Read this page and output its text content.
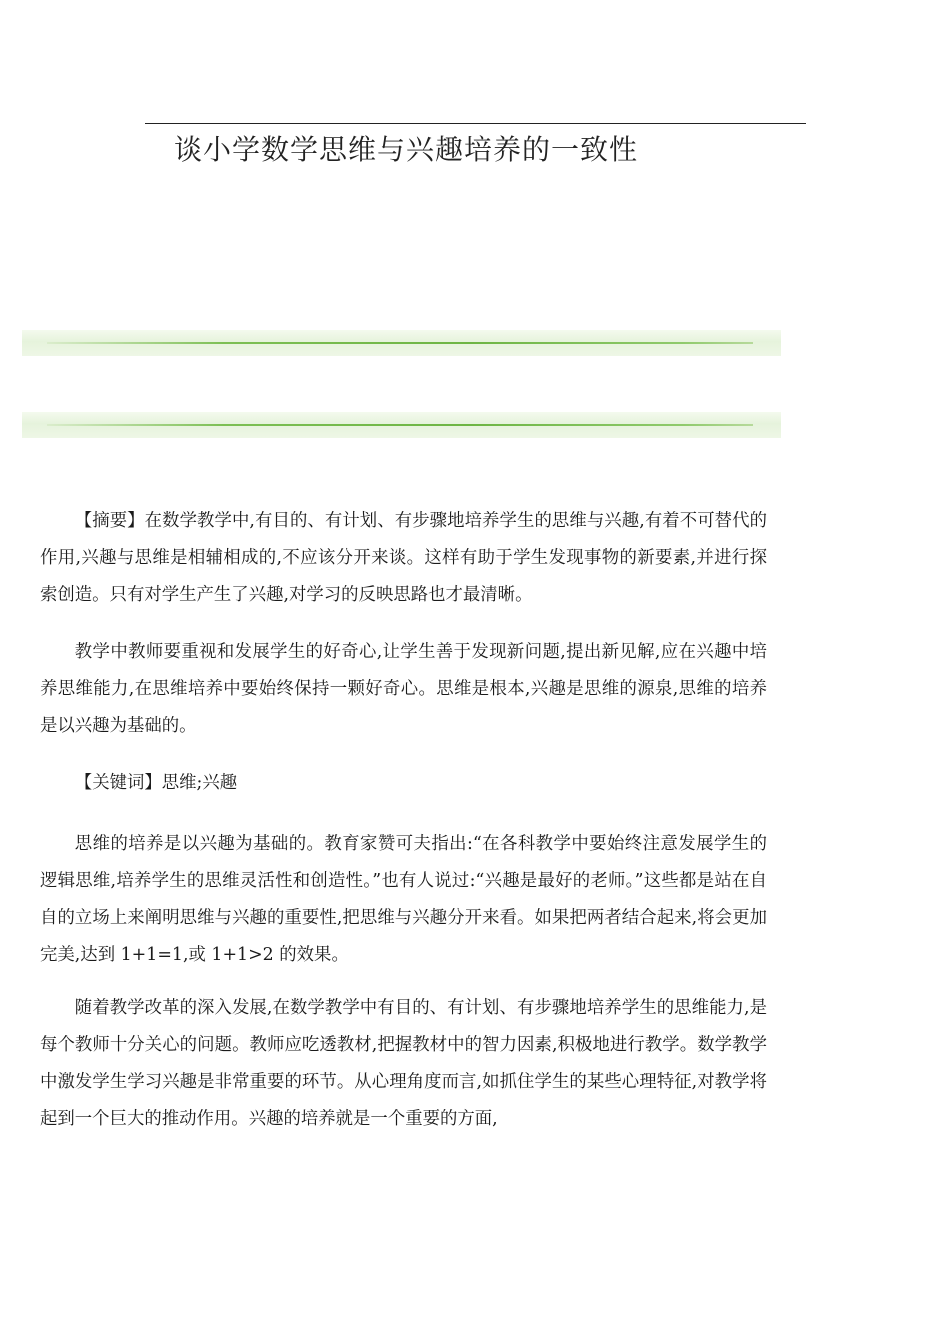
谈小学数学思维与兴趣培养的一致性

【摘要】在数学教学中,有目的、有计划、有步骤地培养学生的思维与兴趣,有着不可替代的作用,兴趣与思维是相辅相成的,不应该分开来谈。这样有助于学生发现事物的新要素,并进行探索创造。只有对学生产生了兴趣,对学习的反映思路也才最清晰。

教学中教师要重视和发展学生的好奇心,让学生善于发现新问题,提出新见解,应在兴趣中培养思维能力,在思维培养中要始终保持一颗好奇心。思维是根本,兴趣是思维的源泉,思维的培养是以兴趣为基础的。

【关键词】思维;兴趣

思维的培养是以兴趣为基础的。教育家赞可夫指出:“在各科教学中要始终注意发展学生的逻辑思维,培养学生的思维灵活性和创造性。”也有人说过:“兴趣是最好的老师。”这些都是站在自自的立场上来阐明思维与兴趣的重要性,把思维与兴趣分开来看。如果把两者结合起来,将会更加完美,达到 1+1=1,或 1+1>2 的效果。

随着教学改革的深入发展,在数学教学中有目的、有计划、有步骤地培养学生的思维能力,是每个教师十分关心的问题。教师应吃透教材,把握教材中的智力因素,积极地进行教学。数学教学中激发学生学习兴趣是非常重要的环节。从心理角度而言,如抓住学生的某些心理特征,对教学将起到一个巨大的推动作用。兴趣的培养就是一个重要的方面,
